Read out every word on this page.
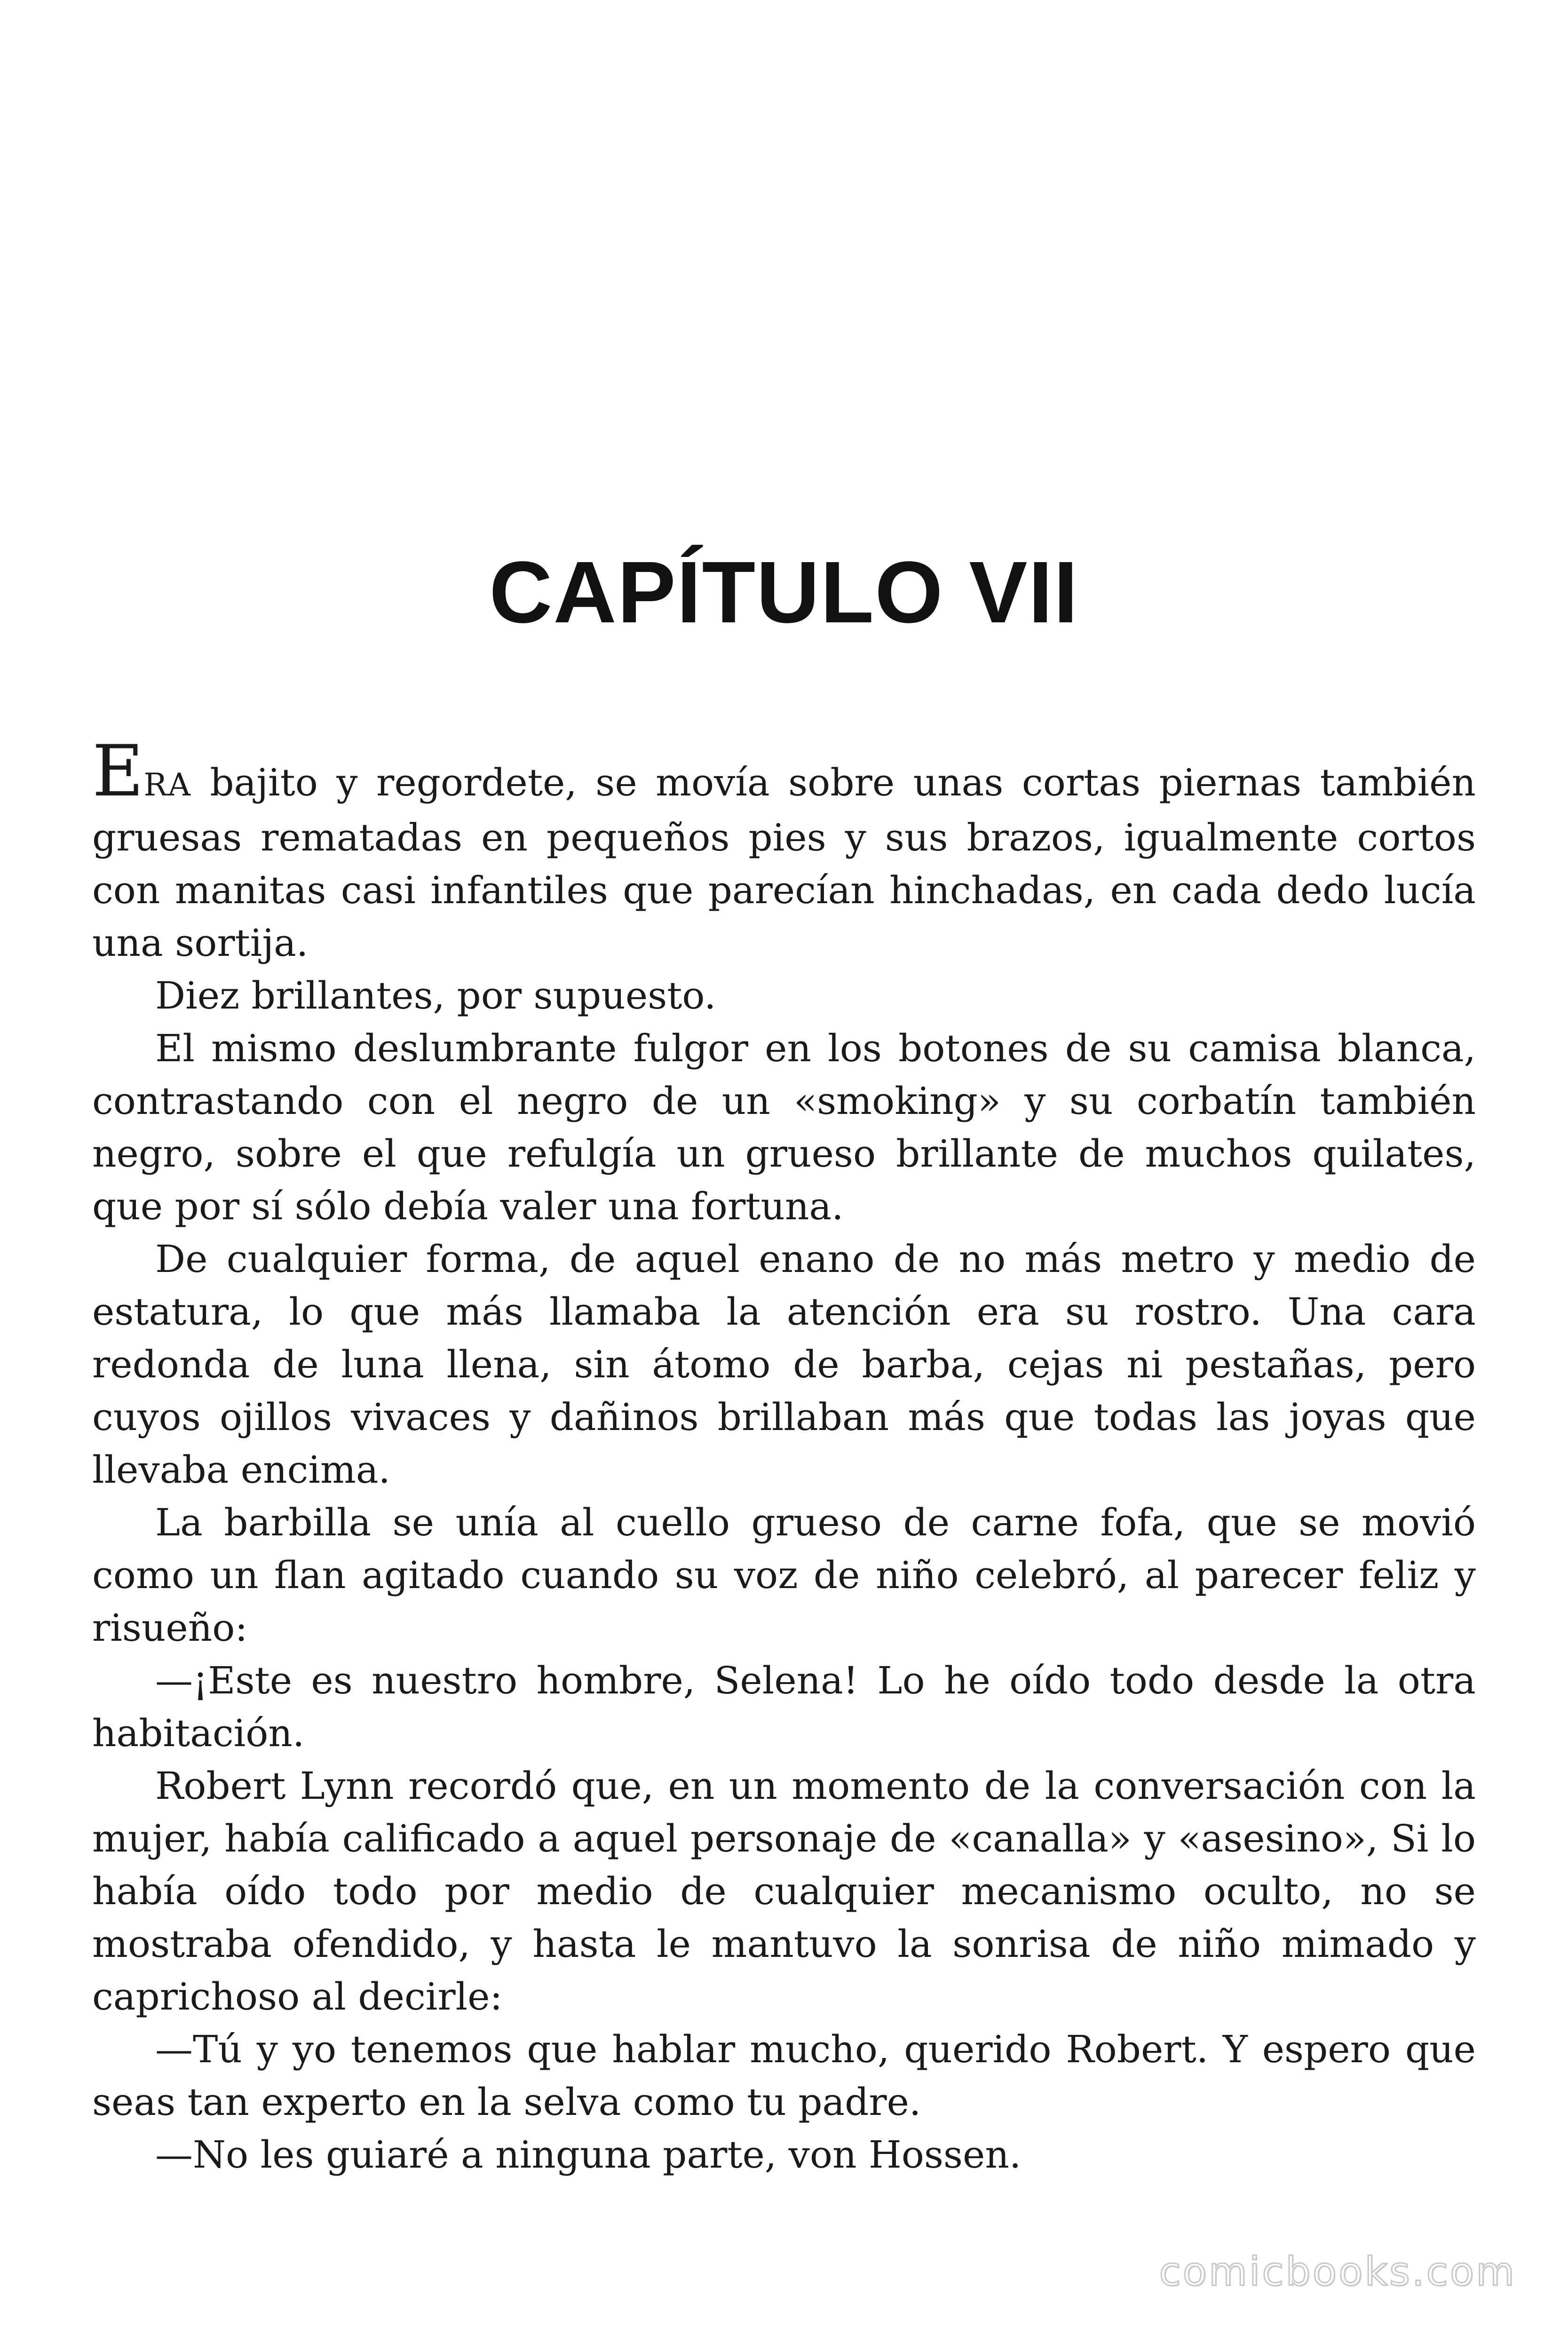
CAPÍTULO VII

ERA bajito y regordete, se movía sobre unas cortas piernas también gruesas rematadas en pequeños pies y sus brazos, igualmente cortos con manitas casi infantiles que parecían hinchadas, en cada dedo lucía una sortija.

Diez brillantes, por supuesto.

El mismo deslumbrante fulgor en los botones de su camisa blanca, contrastando con el negro de un «smoking» y su corbatín también negro, sobre el que refulgía un grueso brillante de muchos quilates, que por sí sólo debía valer una fortuna.

De cualquier forma, de aquel enano de no más metro y medio de estatura, lo que más llamaba la atención era su rostro. Una cara redonda de luna llena, sin átomo de barba, cejas ni pestañas, pero cuyos ojillos vivaces y dañinos brillaban más que todas las joyas que llevaba encima.

La barbilla se unía al cuello grueso de carne fofa, que se movió como un flan agitado cuando su voz de niño celebró, al parecer feliz y risueño:

—¡Este es nuestro hombre, Selena! Lo he oído todo desde la otra habitación.

Robert Lynn recordó que, en un momento de la conversación con la mujer, había calificado a aquel personaje de «canalla» y «asesino», Si lo había oído todo por medio de cualquier mecanismo oculto, no se mostraba ofendido, y hasta le mantuvo la sonrisa de niño mimado y caprichoso al decirle:

—Tú y yo tenemos que hablar mucho, querido Robert. Y espero que seas tan experto en la selva como tu padre.

—No les guiaré a ninguna parte, von Hossen.

comicbooks.com
